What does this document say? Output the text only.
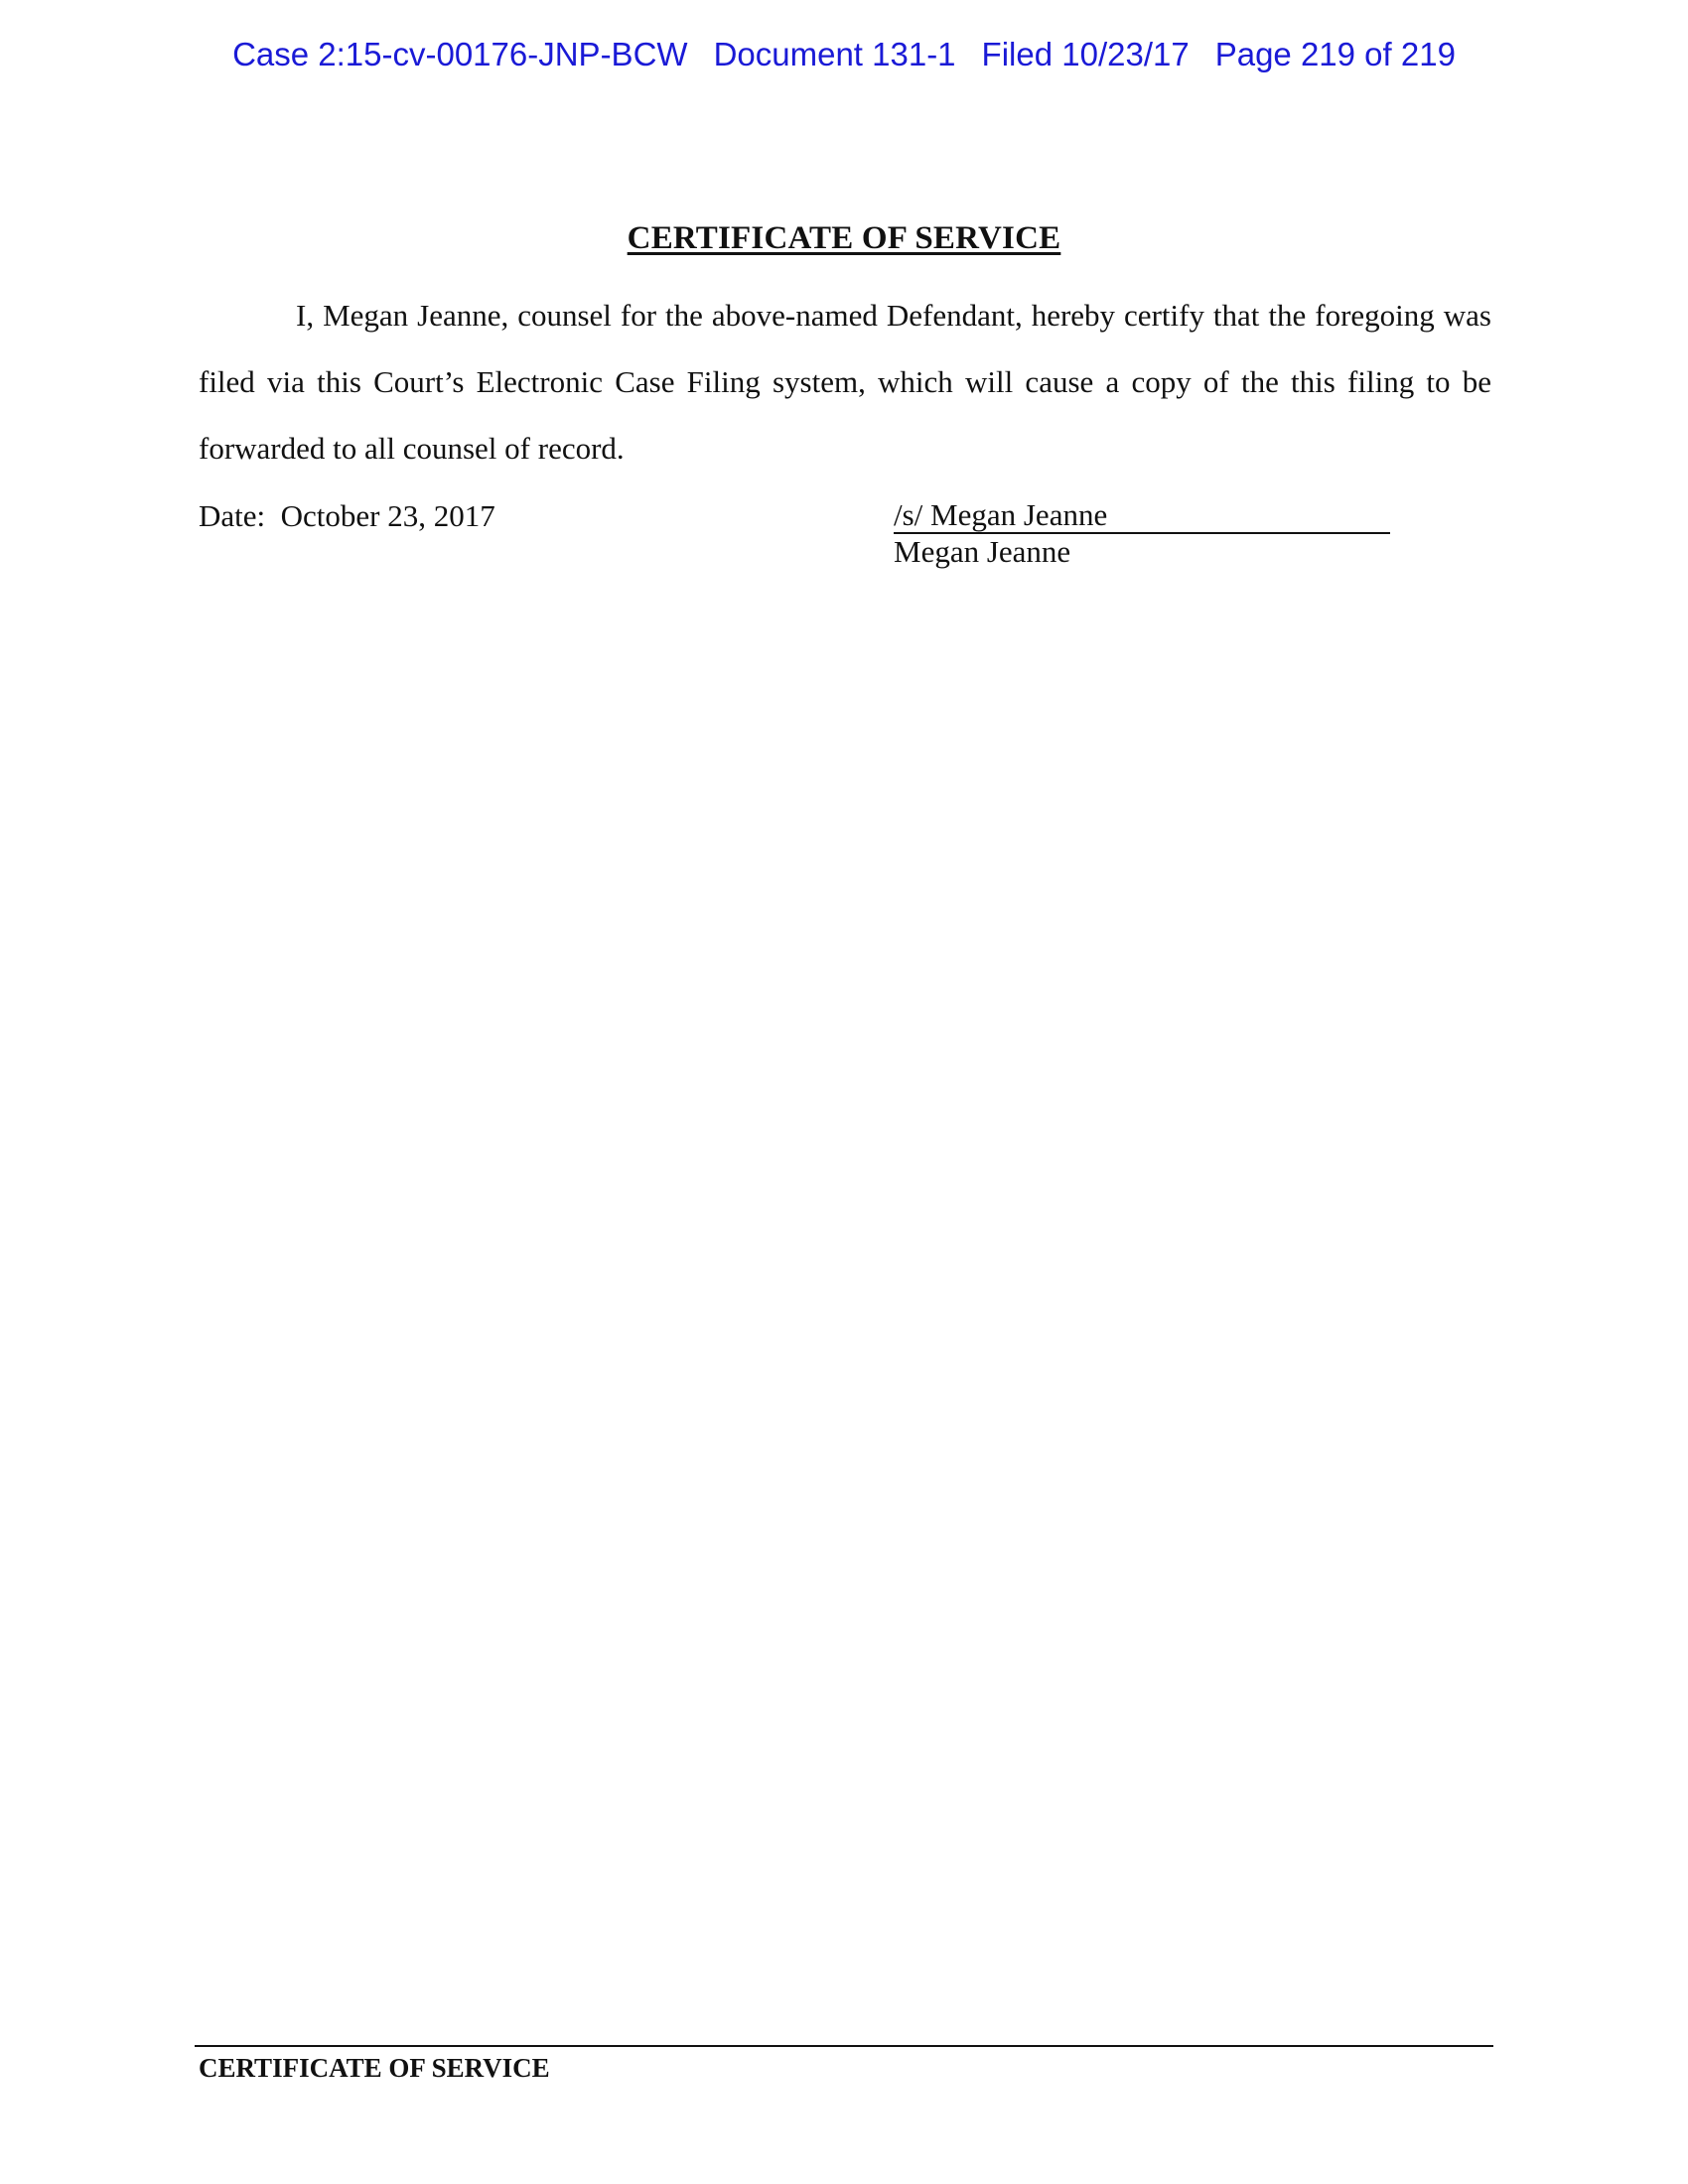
Case 2:15-cv-00176-JNP-BCW Document 131-1 Filed 10/23/17 Page 219 of 219
CERTIFICATE OF SERVICE

I, Megan Jeanne, counsel for the above-named Defendant, hereby certify that the foregoing was filed via this Court’s Electronic Case Filing system, which will cause a copy of the this filing to be forwarded to all counsel of record.

Date:  October 23, 2017	/s/ Megan Jeanne
Megan Jeanne
CERTIFICATE OF SERVICE
